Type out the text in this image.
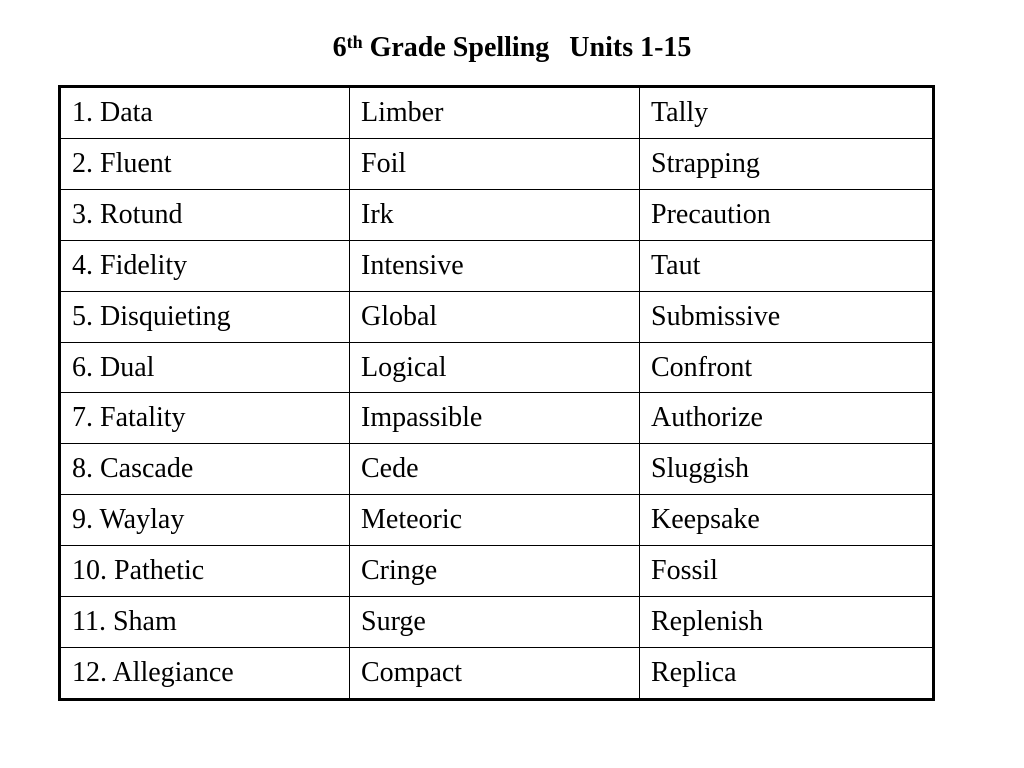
6th Grade Spelling Units 1-15
1. Data	Limber	Tally
2. Fluent	Foil	Strapping
3. Rotund	Irk	Precaution
4. Fidelity	Intensive	Taut
5. Disquieting	Global	Submissive
6. Dual	Logical	Confront
7. Fatality	Impassible	Authorize
8. Cascade	Cede	Sluggish
9. Waylay	Meteoric	Keepsake
10. Pathetic	Cringe	Fossil
11. Sham	Surge	Replenish
12. Allegiance	Compact	Replica
